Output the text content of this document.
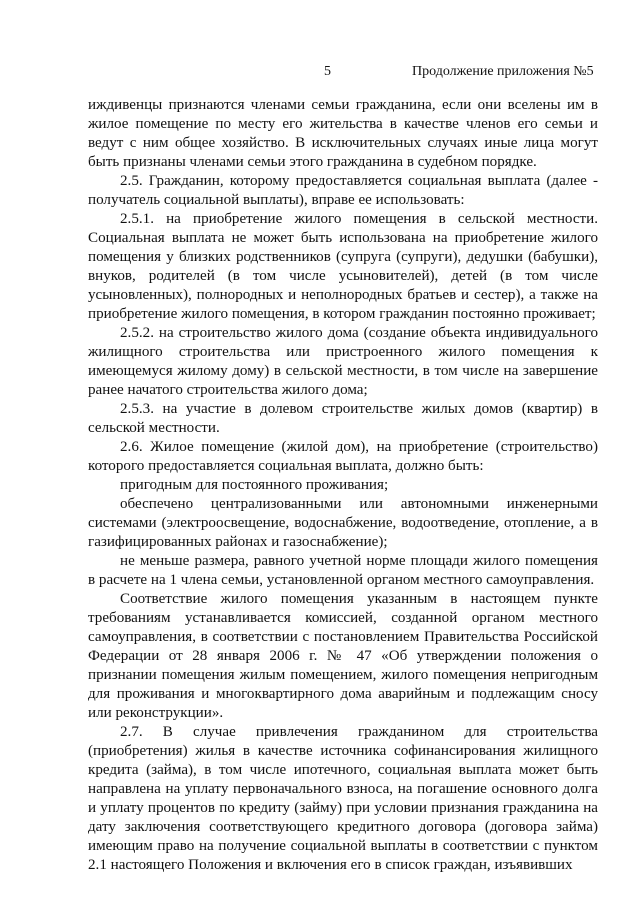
5	Продолжение приложения №5

иждивенцы признаются членами семьи гражданина, если они вселены им в жилое помещение по месту его жительства в качестве членов его семьи и ведут с ним общее хозяйство. В исключительных случаях иные лица могут быть признаны членами семьи этого гражданина в судебном порядке.

2.5. Гражданин, которому предоставляется социальная выплата (далее - получатель социальной выплаты), вправе ее использовать:

2.5.1. на приобретение жилого помещения в сельской местности. Социальная выплата не может быть использована на приобретение жилого помещения у близких родственников (супруга (супруги), дедушки (бабушки), внуков, родителей (в том числе усыновителей), детей (в том числе усыновленных), полнородных и неполнородных братьев и сестер), а также на приобретение жилого помещения, в котором гражданин постоянно проживает;

2.5.2. на строительство жилого дома (создание объекта индивидуального жилищного строительства или пристроенного жилого помещения к имеющемуся жилому дому) в сельской местности, в том числе на завершение ранее начатого строительства жилого дома;

2.5.3. на участие в долевом строительстве жилых домов (квартир) в сельской местности.

2.6. Жилое помещение (жилой дом), на приобретение (строительство) которого предоставляется социальная выплата, должно быть:

пригодным для постоянного проживания;

обеспечено централизованными или автономными инженерными системами (электроосвещение, водоснабжение, водоотведение, отопление, а в газифицированных районах и газоснабжение);

не меньше размера, равного учетной норме площади жилого помещения в расчете на 1 члена семьи, установленной органом местного самоуправления.

Соответствие жилого помещения указанным в настоящем пункте требованиям устанавливается комиссией, созданной органом местного самоуправления, в соответствии с постановлением Правительства Российской Федерации от 28 января 2006 г. № 47 «Об утверждении положения о признании помещения жилым помещением, жилого помещения непригодным для проживания и многоквартирного дома аварийным и подлежащим сносу или реконструкции».

2.7. В случае привлечения гражданином для строительства (приобретения) жилья в качестве источника софинансирования жилищного кредита (займа), в том числе ипотечного, социальная выплата может быть направлена на уплату первоначального взноса, на погашение основного долга и уплату процентов по кредиту (займу) при условии признания гражданина на дату заключения соответствующего кредитного договора (договора займа) имеющим право на получение социальной выплаты в соответствии с пунктом 2.1 настоящего Положения и включения его в список граждан, изъявивших
